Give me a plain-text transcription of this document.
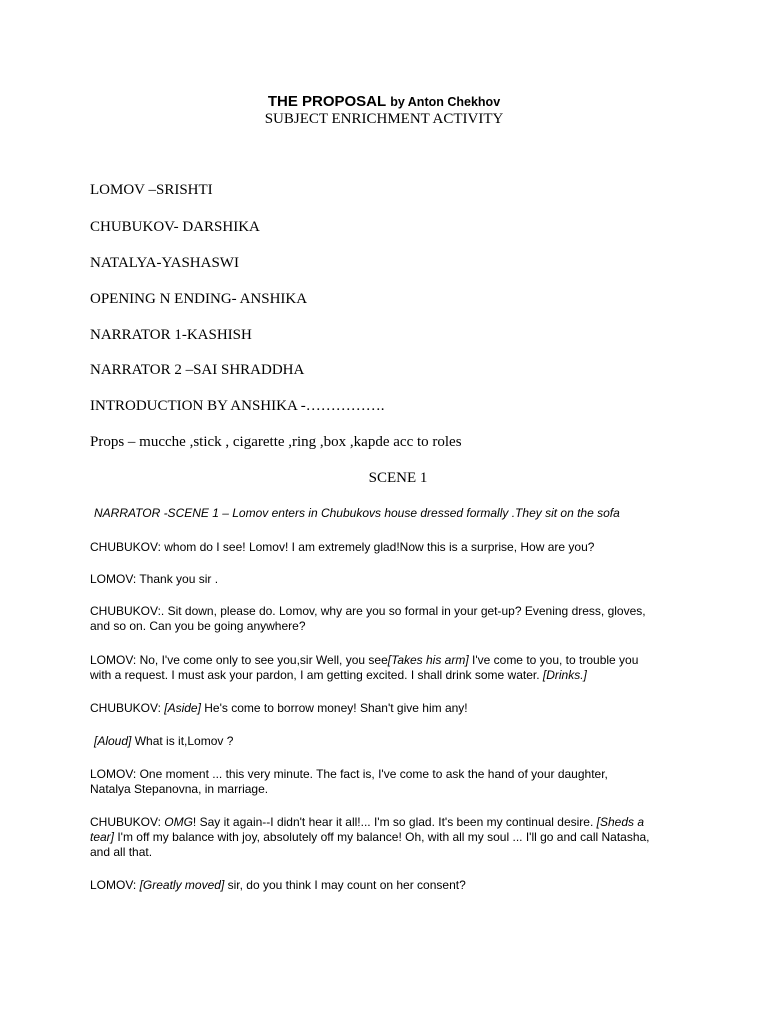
THE PROPOSAL by Anton Chekhov
SUBJECT ENRICHMENT ACTIVITY
LOMOV –SRISHTI
CHUBUKOV- DARSHIKA
NATALYA-YASHASWI
OPENING N ENDING- ANSHIKA
NARRATOR 1-KASHISH
NARRATOR 2 –SAI SHRADDHA
INTRODUCTION BY ANSHIKA -…………….
Props – mucche ,stick , cigarette ,ring ,box ,kapde acc to roles
SCENE 1
NARRATOR -SCENE 1 – Lomov enters in Chubukovs house dressed formally .They sit on the sofa
CHUBUKOV: whom do I see! Lomov! I am extremely glad!Now this is a surprise, How are you?
LOMOV: Thank you sir .
CHUBUKOV:. Sit down, please do. Lomov, why are you so formal in your get-up? Evening dress, gloves,
and so on. Can you be going anywhere?
LOMOV: No, I've come only to see you,sir Well, you see[Takes his arm] I've come to you, to trouble you
with a request. I must ask your pardon, I am getting excited. I shall drink some water. [Drinks.]
CHUBUKOV: [Aside] He's come to borrow money! Shan't give him any!
[Aloud] What is it,Lomov ?
LOMOV: One moment ... this very minute. The fact is, I've come to ask the hand of your daughter,
Natalya Stepanovna, in marriage.
CHUBUKOV: OMG! Say it again--I didn't hear it all!... I'm so glad. It's been my continual desire. [Sheds a
tear] I'm off my balance with joy, absolutely off my balance! Oh, with all my soul ... I'll go and call Natasha,
and all that.
LOMOV: [Greatly moved] sir, do you think I may count on her consent?
